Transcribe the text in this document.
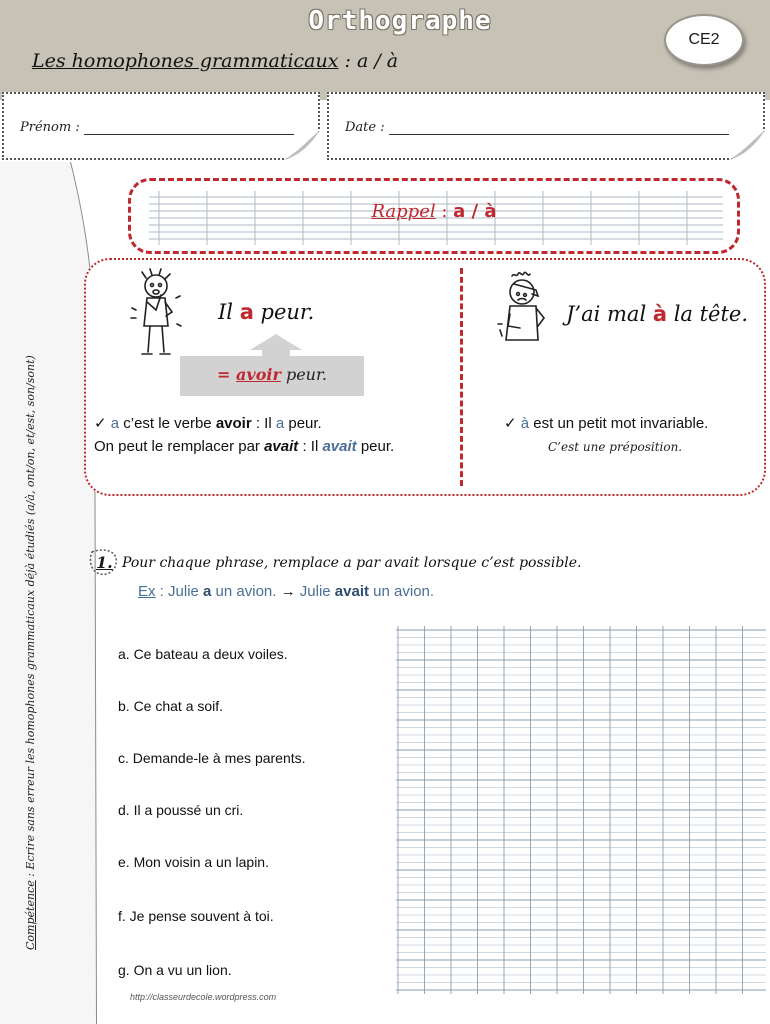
Orthographe
Les homophones grammaticaux : a / à
CE2
Prénom :	Date :
Compétence : Ecrire sans erreur les homophones grammaticaux déjà étudiés (a/à, ont/on, et/est, son/sont)
Rappel : a / à
Il a peur.
= avoir peur.
✓ a c’est le verbe avoir : Il a peur.
On peut le remplacer par avait : Il avait peur.
J’ai mal à la tête.
✓ à est un petit mot invariable.
C’est une préposition.
1. Pour chaque phrase, remplace a par avait lorsque c’est possible.
Ex : Julie a un avion. → Julie avait un avion.
a. Ce bateau a deux voiles.
b. Ce chat a soif.
c. Demande-le à mes parents.
d. Il a poussé un cri.
e. Mon voisin a un lapin.
f. Je pense souvent à toi.
g. On a vu un lion.
http://classeurdecole.wordpress.com
